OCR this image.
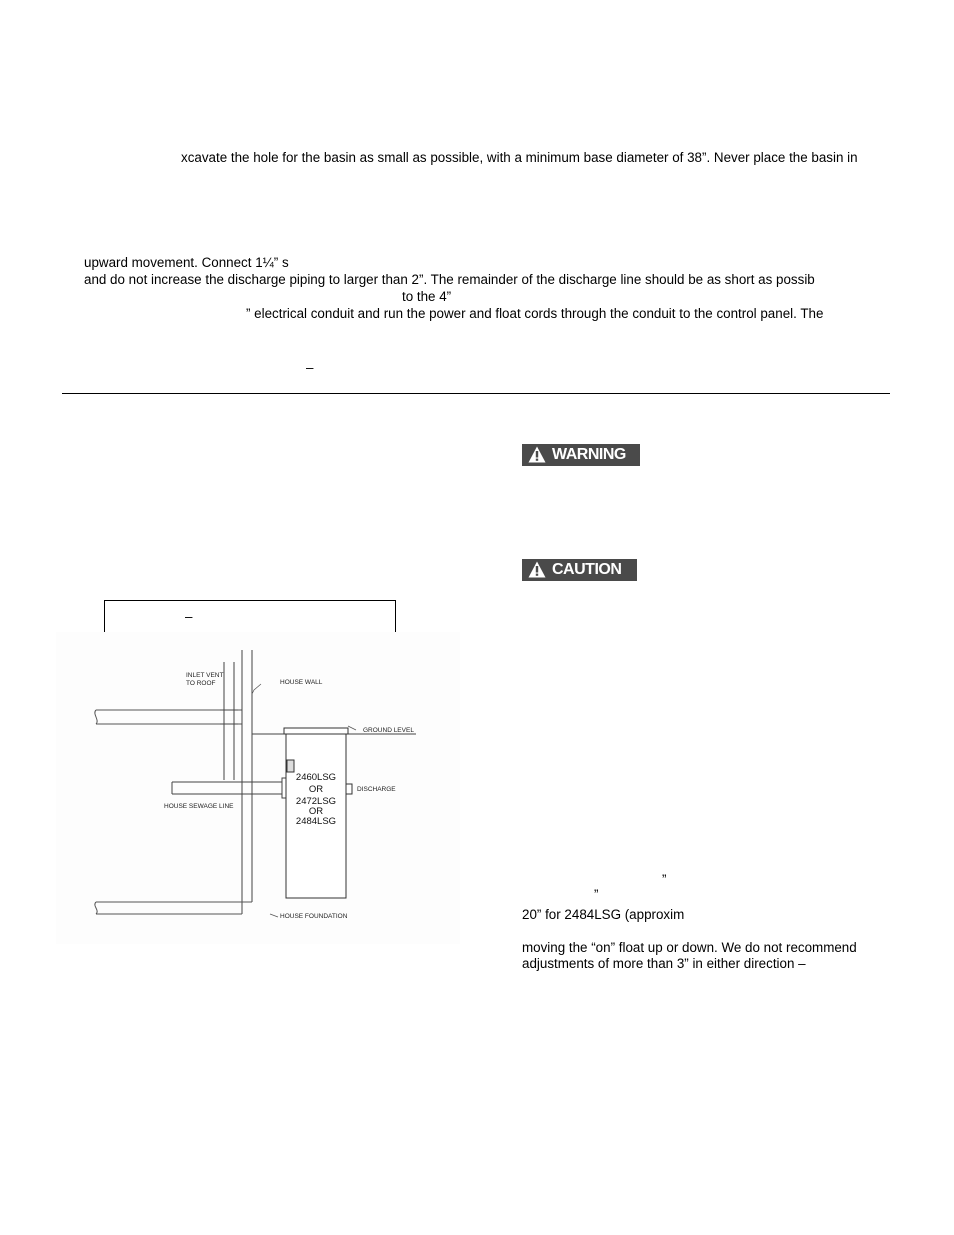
xcavate the hole for the basin as small as possible, with a minimum base diameter of 38”. Never place the basin in
upward movement. Connect 1¼” s
and do not increase the discharge piping to larger than 2”. The remainder of the discharge line should be as short as possib
to the 4”
” electrical conduit and run the power and float cords through the conduit to the control panel. The
–
WARNING
CAUTION
–
INLET VENT
TO ROOF	HOUSE WALL
GROUND LEVEL
DISCHARGE
HOUSE SEWAGE LINE
HOUSE FOUNDATION
2460LSG
OR
2472LSG
OR
2484LSG
”
”
20” for 2484LSG (approxim
moving the “on” float up or down. We do not recommend
adjustments of more than 3” in either direction –
